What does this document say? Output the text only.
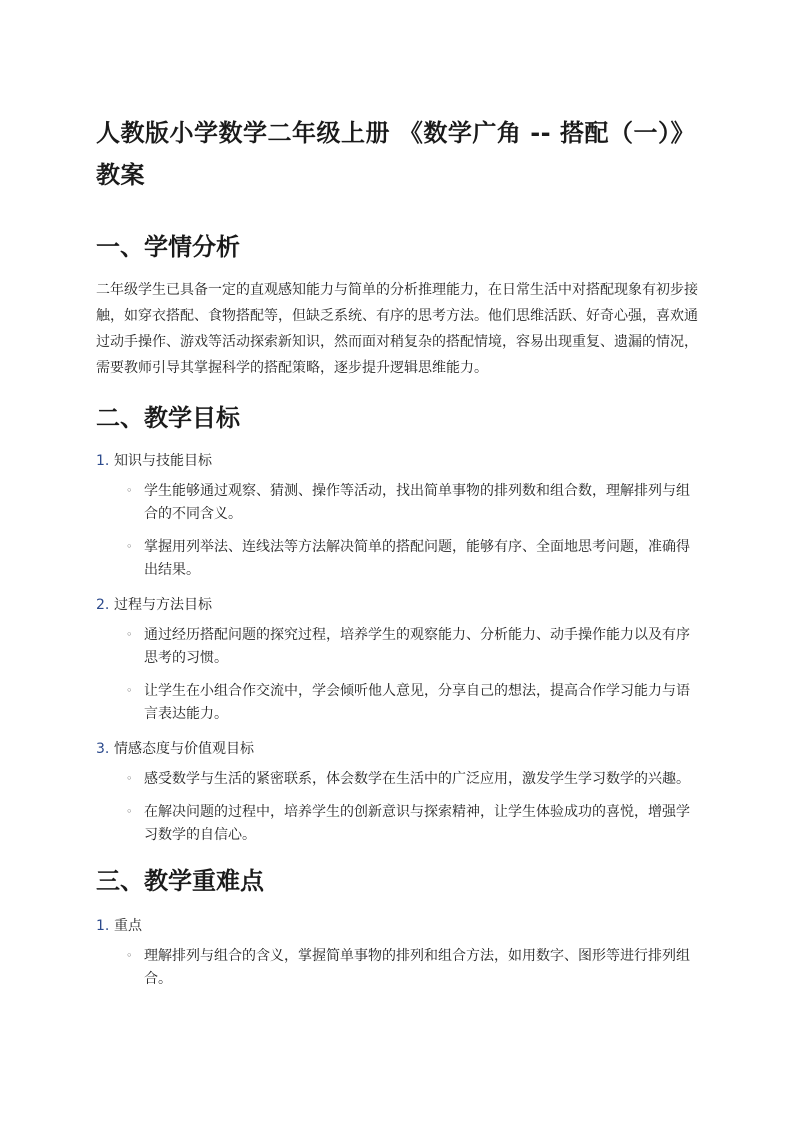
人教版小学数学二年级上册 《数学广角 -- 搭配（一）》教案
一、学情分析

二年级学生已具备一定的直观感知能力与简单的分析推理能力，在日常生活中对搭配现象有初步接触，如穿衣搭配、食物搭配等，但缺乏系统、有序的思考方法。他们思维活跃、好奇心强，喜欢通过动手操作、游戏等活动探索新知识，然而面对稍复杂的搭配情境，容易出现重复、遗漏的情况，需要教师引导其掌握科学的搭配策略，逐步提升逻辑思维能力。

二、教学目标
1. 知识与技能目标
◦ 学生能够通过观察、猜测、操作等活动，找出简单事物的排列数和组合数，理解排列与组合的不同含义。
◦ 掌握用列举法、连线法等方法解决简单的搭配问题，能够有序、全面地思考问题，准确得出结果。
2. 过程与方法目标
◦ 通过经历搭配问题的探究过程，培养学生的观察能力、分析能力、动手操作能力以及有序思考的习惯。
◦ 让学生在小组合作交流中，学会倾听他人意见，分享自己的想法，提高合作学习能力与语言表达能力。
3. 情感态度与价值观目标
◦ 感受数学与生活的紧密联系，体会数学在生活中的广泛应用，激发学生学习数学的兴趣。
◦ 在解决问题的过程中，培养学生的创新意识与探索精神，让学生体验成功的喜悦，增强学习数学的自信心。
三、教学重难点
1. 重点
◦ 理解排列与组合的含义，掌握简单事物的排列和组合方法，如用数字、图形等进行排列组合。
